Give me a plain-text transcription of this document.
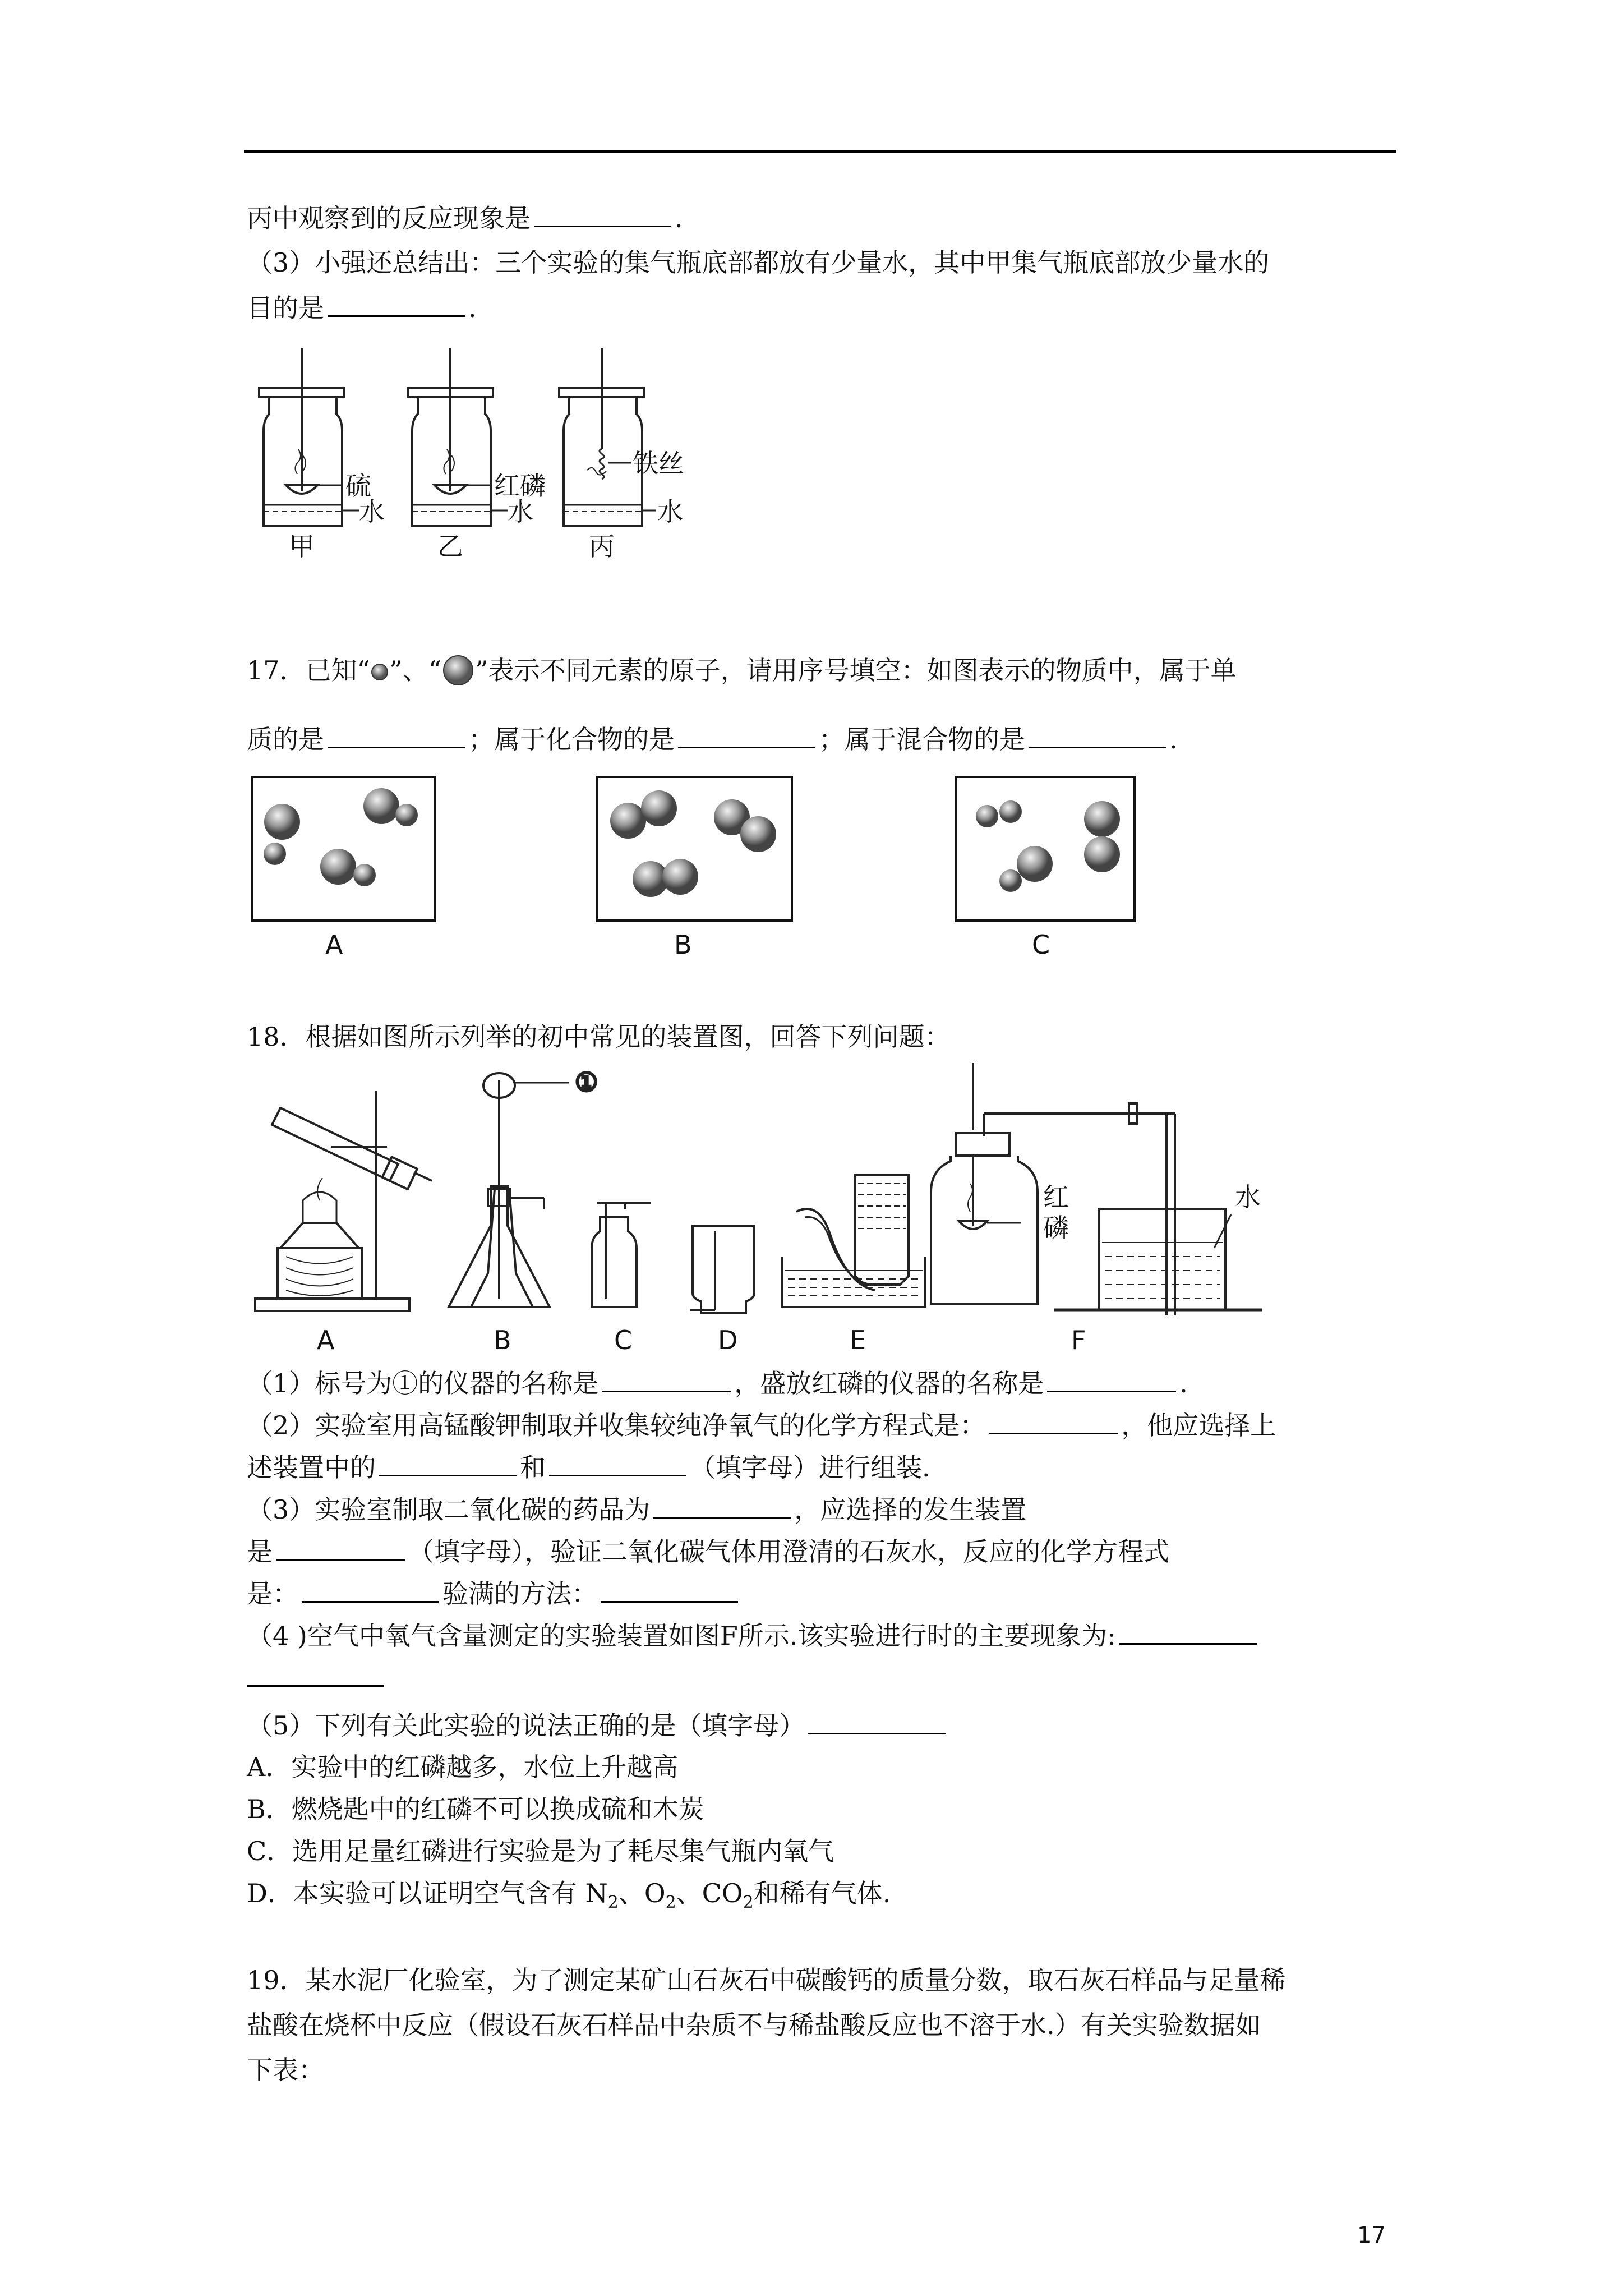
丙中观察到的反应现象是	.
（3）小强还总结出：三个实验的集气瓶底部都放有少量水，其中甲集气瓶底部放少量水的
目的是	.
硫
水
甲
红磷
水
乙
铁丝
水
丙
17．已知“ ”、“ ”表示不同元素的原子，请用序号填空：如图表示的物质中，属于单
质的是	；属于化合物的是	；属于混合物的是	.
A	B	C
18．根据如图所示列举的初中常见的装置图，回答下列问题：
①
红
磷
水
A	B	C	D	E	F
（1）标号为①的仪器的名称是	，盛放红磷的仪器的名称是	.
（2）实验室用高锰酸钾制取并收集较纯净氧气的化学方程式是：	，他应选择上
述装置中的	和	（填字母）进行组装.
（3）实验室制取二氧化碳的药品为	，应选择的发生装置
是	（填字母），验证二氧化碳气体用澄清的石灰水，反应的化学方程式
是：	验满的方法：
（4 )空气中氧气含量测定的实验装置如图F所示.该实验进行时的主要现象为:
（5）下列有关此实验的说法正确的是（填字母）
A．实验中的红磷越多，水位上升越高
B．燃烧匙中的红磷不可以换成硫和木炭
C．选用足量红磷进行实验是为了耗尽集气瓶内氧气
D．本实验可以证明空气含有 $N_2$、$O_2$、$CO_2$和稀有气体.
19．某水泥厂化验室，为了测定某矿山石灰石中碳酸钙的质量分数，取石灰石样品与足量稀
盐酸在烧杯中反应（假设石灰石样品中杂质不与稀盐酸反应也不溶于水.）有关实验数据如
下表：
17
